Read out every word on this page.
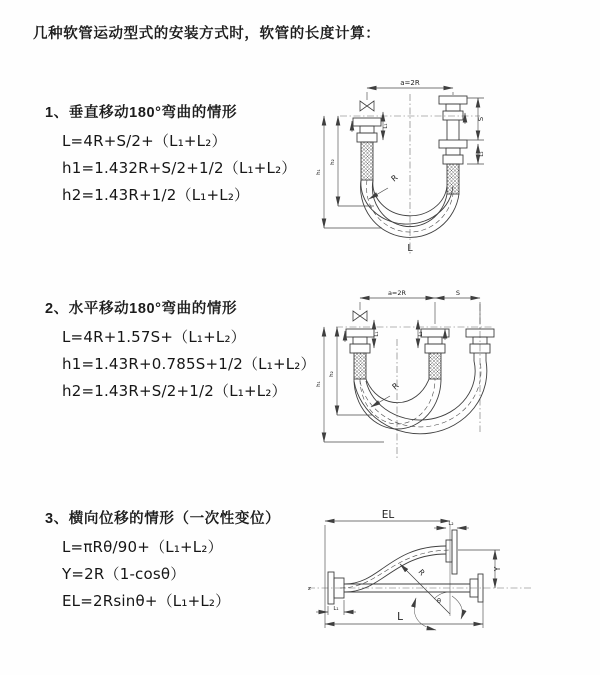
几种软管运动型式的安装方式时，软管的长度计算：
1、垂直移动180°弯曲的情形
L=4R+S/2+（L₁+L₂）
h1=1.432R+S/2+1/2（L₁+L₂）
h2=1.43R+1/2（L₁+L₂）
2、水平移动180°弯曲的情形
L=4R+1.57S+（L₁+L₂）
h1=1.43R+0.785S+1/2（L₁+L₂）
h2=1.43R+S/2+1/2（L₁+L₂）
3、横向位移的情形（一次性变位）
L=πRθ/90+（L₁+L₂）
Y=2R（1-cosθ）
EL=2Rsinθ+（L₁+L₂）
a=2R
S
L₂
L₁
h₁
h₂
R
L
a=2R	S
L₁	L₂
h₁
h₂
R
EL
L₂
Y
R
θ
L
L₁
z
